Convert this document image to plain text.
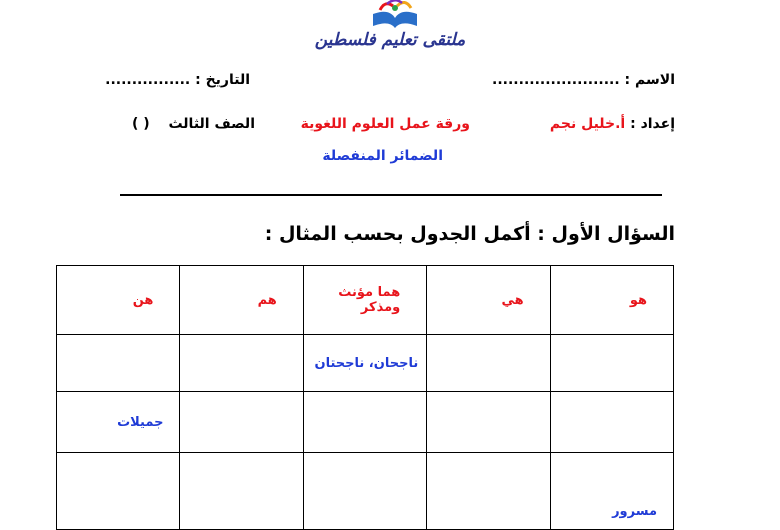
ملتقى تعليم فلسطين
الاسم : ........................
التاريخ : ................
إعداد : أ.خليل نجم
ورقة عمل العلوم اللغوية
الصف الثالث ( )
الضمائر المنفصلة
السؤال الأول : أكمل الجدول بحسب المثال :
هو	هي	هما مؤنث ومذكر	هم	هن
		ناجحان، ناجحتان		
				جميلات
مسرور				
